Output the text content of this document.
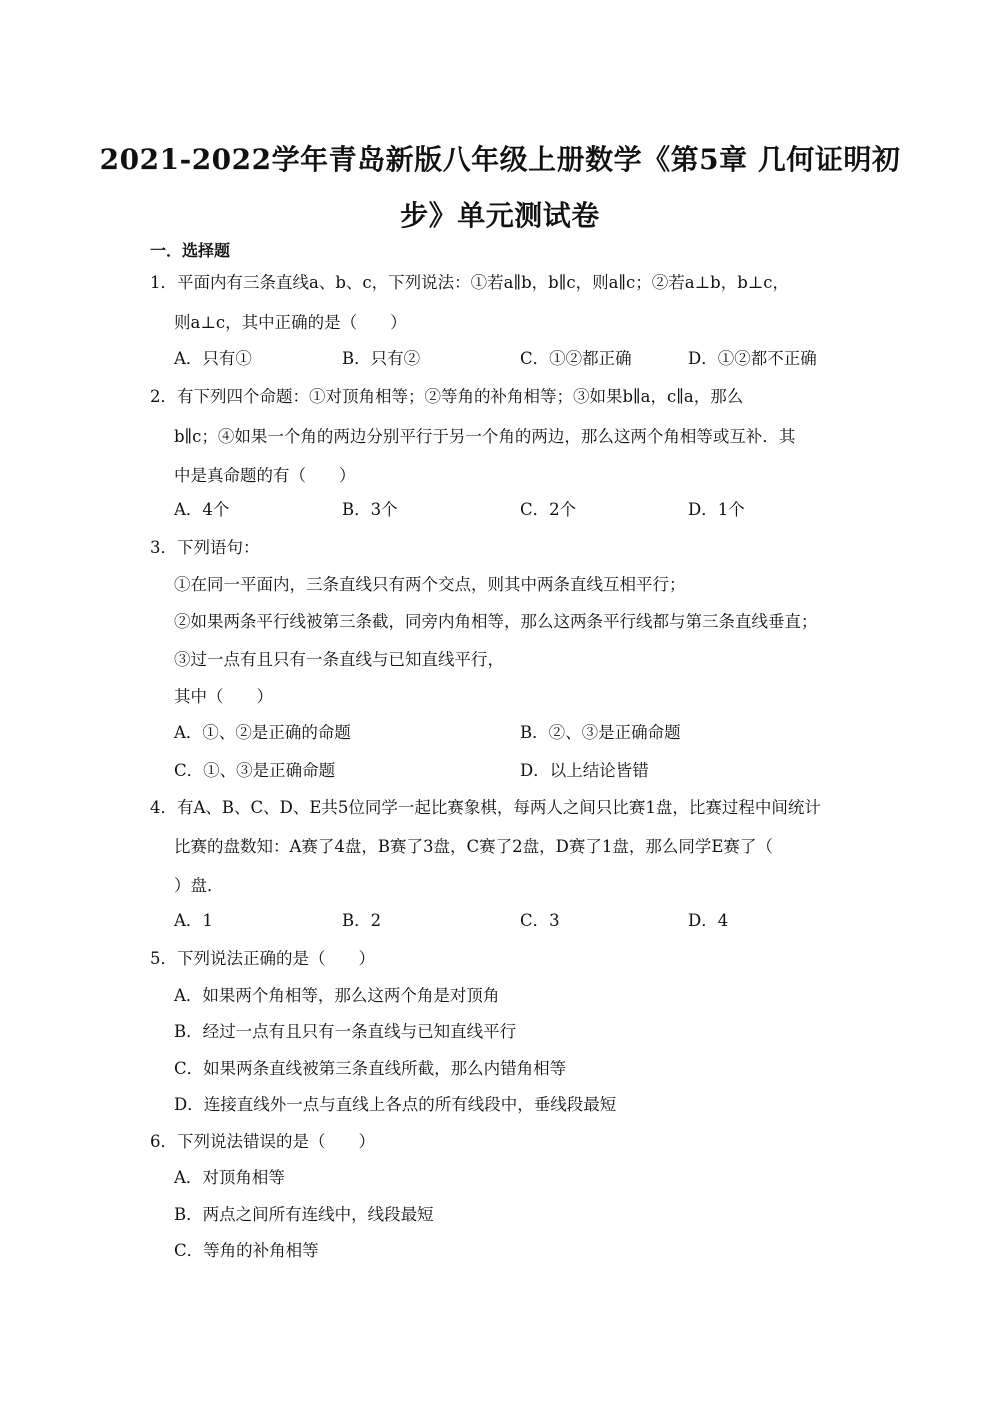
2021-2022学年青岛新版八年级上册数学《第5章 几何证明初
步》单元测试卷
一．选择题
1．平面内有三条直线a、b、c，下列说法：①若a∥b，b∥c，则a∥c；②若a⊥b，b⊥c，
则a⊥c，其中正确的是（　　）
A．只有①	B．只有②	C．①②都正确	D．①②都不正确
2．有下列四个命题：①对顶角相等；②等角的补角相等；③如果b∥a，c∥a，那么
b∥c；④如果一个角的两边分别平行于另一个角的两边，那么这两个角相等或互补．其
中是真命题的有（　　）
A．4个	B．3个	C．2个	D．1个
3．下列语句：
①在同一平面内，三条直线只有两个交点，则其中两条直线互相平行；
②如果两条平行线被第三条截，同旁内角相等，那么这两条平行线都与第三条直线垂直；
③过一点有且只有一条直线与已知直线平行，
其中（　　）
A．①、②是正确的命题	B．②、③是正确命题
C．①、③是正确命题	D．以上结论皆错
4．有A、B、C、D、E共5位同学一起比赛象棋，每两人之间只比赛1盘，比赛过程中间统计
比赛的盘数知：A赛了4盘，B赛了3盘，C赛了2盘，D赛了1盘，那么同学E赛了（
）盘．
A．1	B．2	C．3	D．4
5．下列说法正确的是（　　）
A．如果两个角相等，那么这两个角是对顶角
B．经过一点有且只有一条直线与已知直线平行
C．如果两条直线被第三条直线所截，那么内错角相等
D．连接直线外一点与直线上各点的所有线段中，垂线段最短
6．下列说法错误的是（　　）
A．对顶角相等
B．两点之间所有连线中，线段最短
C．等角的补角相等
